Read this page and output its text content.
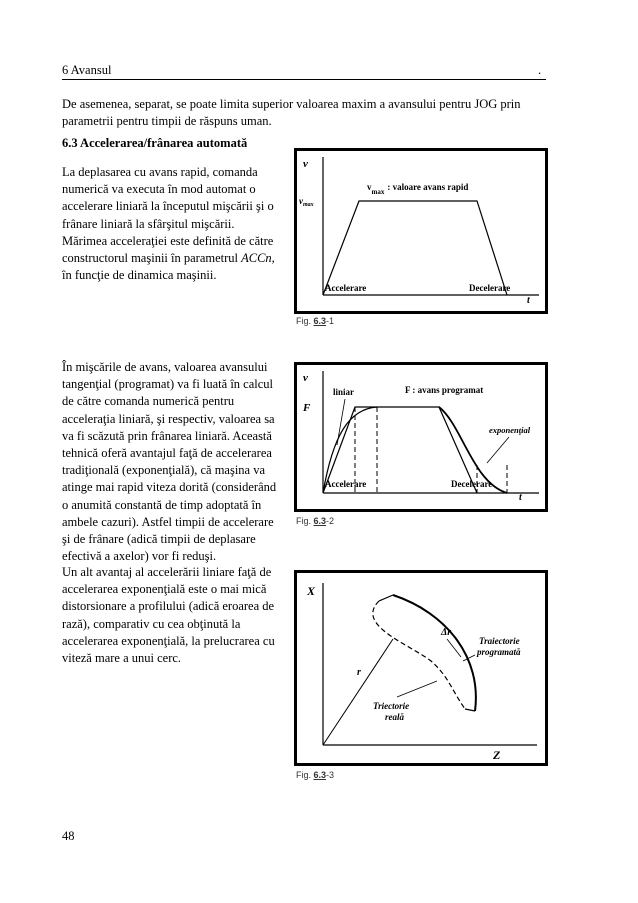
6 Avansul	.
De asemenea, separat, se poate limita superior valoarea maxim a avansului pentru JOG prin
parametrii pentru timpii de răspuns uman.
6.3 Accelerarea/frânarea automată
La deplasarea cu avans rapid, comanda
numerică va executa în mod automat o
accelerare liniară la începutul mişcării şi o
frânare liniară la sfârşitul mişcării.
Mărimea acceleraţiei este definită de către
constructorul maşinii în parametrul ACCn,
în funcţie de dinamica maşinii.
v
$v_{max}$
$v_{max}$ : valoare avans rapid
Accelerare	Decelerare
t
Fig. 6.3-1
În mişcările de avans, valoarea avansului
tangenţial (programat) va fi luată în calcul
de către comanda numerică pentru
acceleraţia liniară, şi respectiv, valoarea sa
va fi scăzută prin frânarea liniară. Această
tehnică oferă avantajul faţă de accelerarea
tradiţională (exponenţială), că maşina va
atinge mai rapid viteza dorită (considerând
o anumită constantă de timp adoptată în
ambele cazuri). Astfel timpii de accelerare
şi de frânare (adică timpii de deplasare
efectivă a axelor) vor fi reduşi.
v
F
liniar	F : avans programat
exponenţial
Accelerare	Decelerare
t
Fig. 6.3-2
Un alt avantaj al accelerării liniare faţă de
accelerarea exponenţială este o mai mică
distorsionare a profilului (adică eroarea de
rază), comparativ cu cea obţinută la
accelerarea exponenţială, la prelucrarea cu
viteză mare a unui cerc.
X
Z
r
Δr
Traiectorie
programată
Triectorie
reală
Fig. 6.3-3
48
